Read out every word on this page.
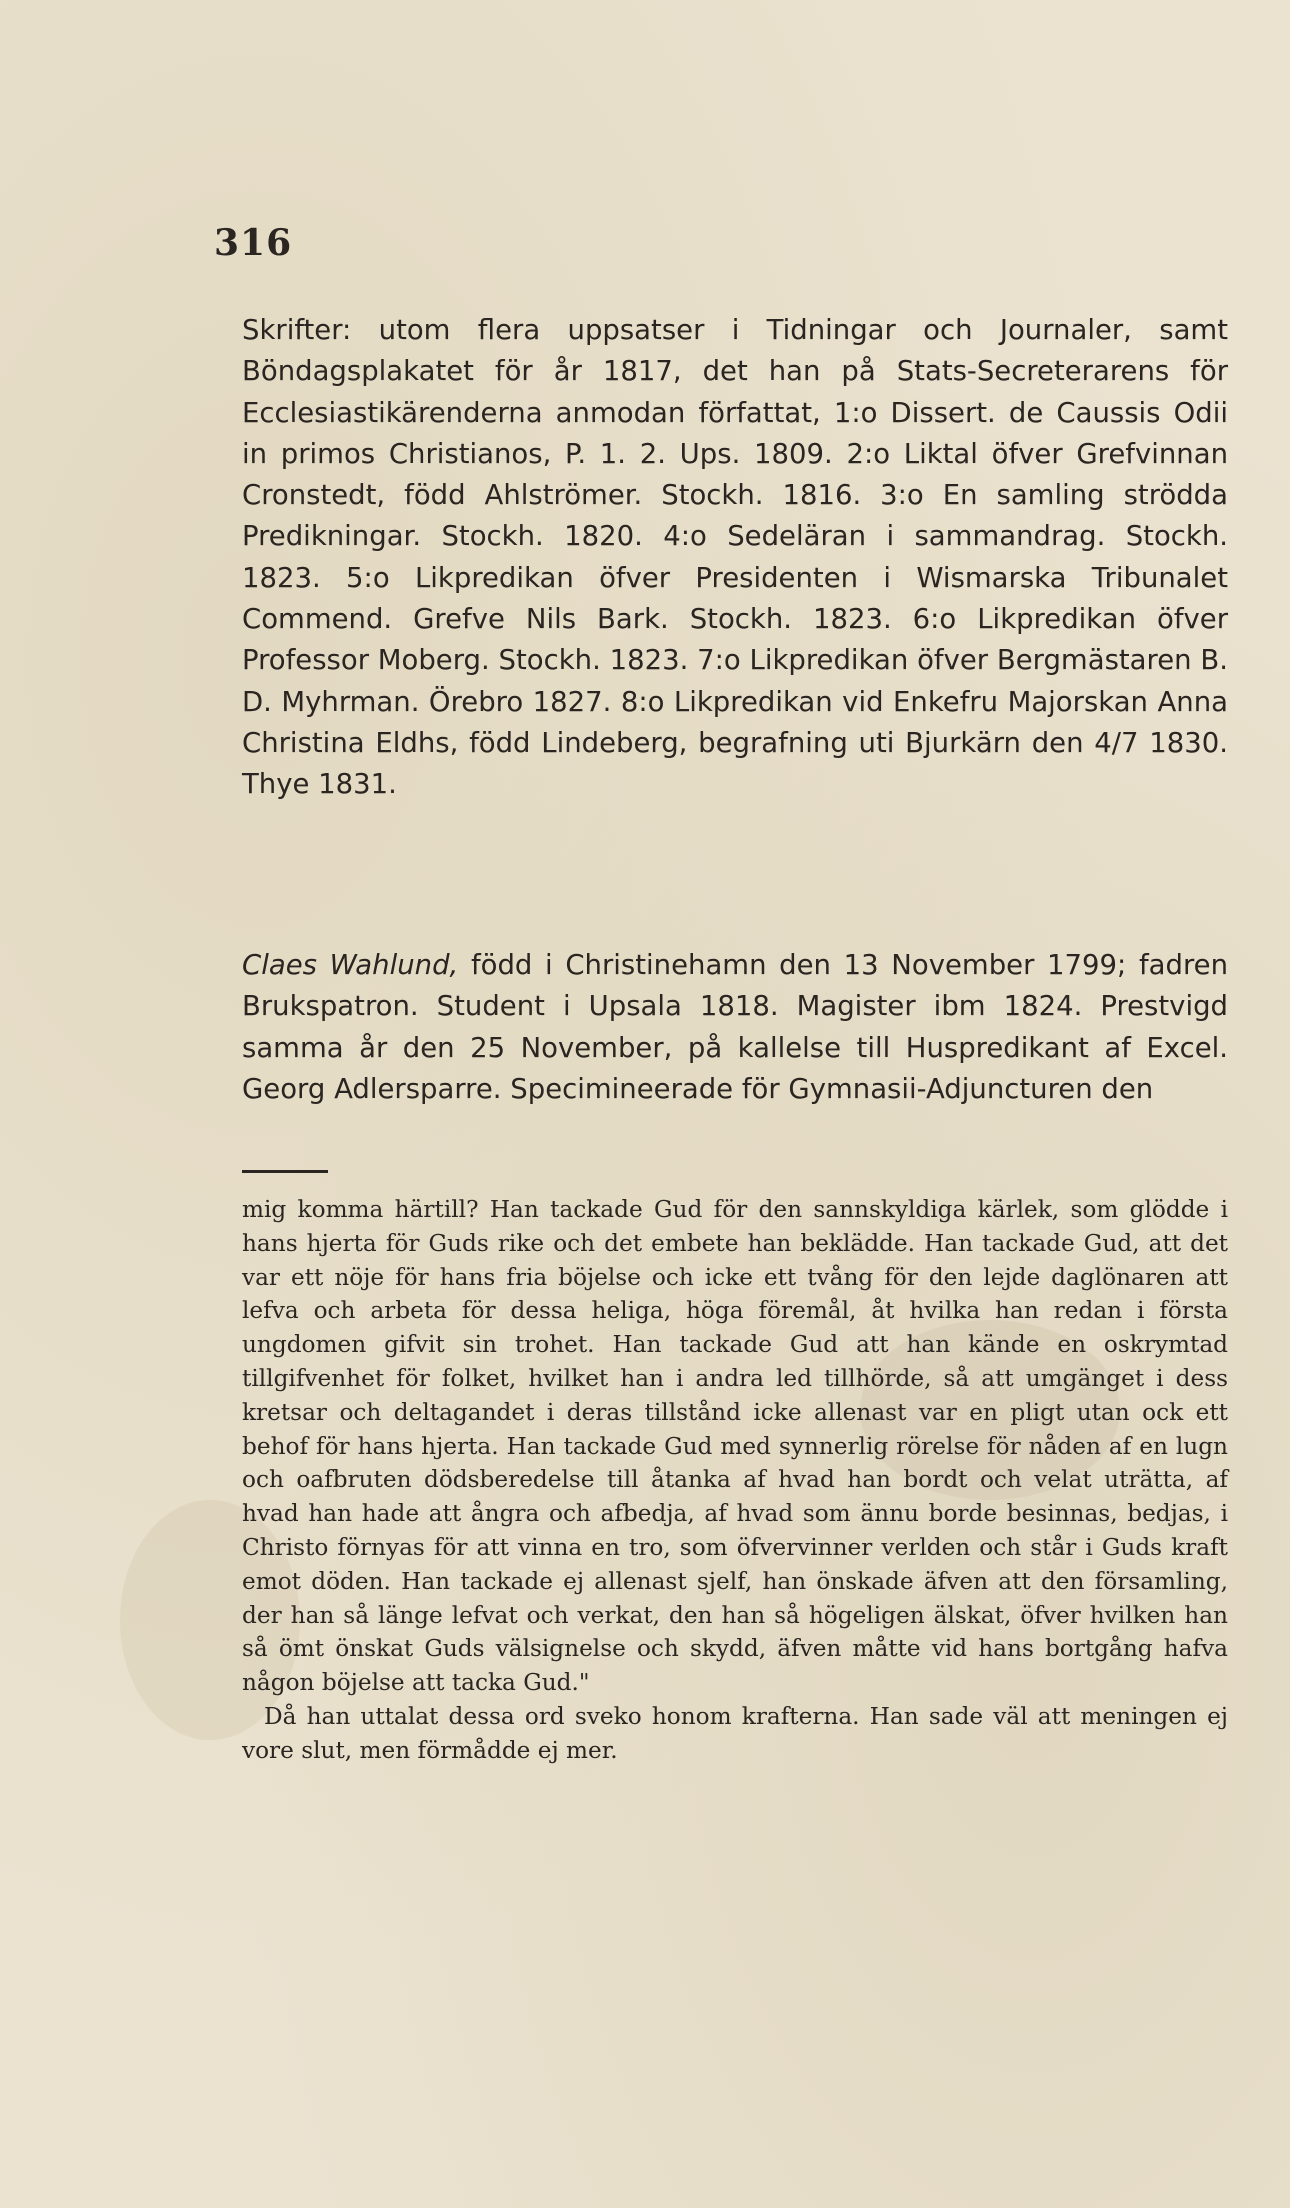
316

Skrifter: utom flera uppsatser i Tidningar och Journaler, samt Böndagsplakatet för år 1817, det han på Stats-Secreterarens för Ecclesiastikärenderna anmodan författat, 1:o Dissert. de Caussis Odii in primos Christianos, P. 1. 2. Ups. 1809. 2:o Liktal öfver Grefvinnan Cronstedt, född Ahlströmer. Stockh. 1816. 3:o En samling strödda Predikningar. Stockh. 1820. 4:o Sedeläran i sammandrag. Stockh. 1823. 5:o Likpredikan öfver Presidenten i Wismarska Tribunalet Commend. Grefve Nils Bark. Stockh. 1823. 6:o Likpredikan öfver Professor Moberg. Stockh. 1823. 7:o Likpredikan öfver Bergmästaren B. D. Myhrman. Örebro 1827. 8:o Likpredikan vid Enkefru Majorskan Anna Christina Eldhs, född Lindeberg, begrafning uti Bjurkärn den 4/7 1830. Thye 1831.

Claes Wahlund, född i Christinehamn den 13 November 1799; fadren Brukspatron. Student i Upsala 1818. Magister ibm 1824. Prestvigd samma år den 25 November, på kallelse till Huspredikant af Excel. Georg Adlersparre. Specimineerade för Gymnasii-Adjuncturen den

mig komma härtill? Han tackade Gud för den sannskyldiga kärlek, som glödde i hans hjerta för Guds rike och det embete han beklädde. Han tackade Gud, att det var ett nöje för hans fria böjelse och icke ett tvång för den lejde daglönaren att lefva och arbeta för dessa heliga, höga föremål, åt hvilka han redan i första ungdomen gifvit sin trohet. Han tackade Gud att han kände en oskrymtad tillgifvenhet för folket, hvilket han i andra led tillhörde, så att umgänget i dess kretsar och deltagandet i deras tillstånd icke allenast var en pligt utan ock ett behof för hans hjerta. Han tackade Gud med synnerlig rörelse för nåden af en lugn och oafbruten dödsberedelse till åtanka af hvad han bordt och velat uträtta, af hvad han hade att ångra och afbedja, af hvad som ännu borde besinnas, bedjas, i Christo förnyas för att vinna en tro, som öfvervinner verlden och står i Guds kraft emot döden. Han tackade ej allenast sjelf, han önskade äfven att den församling, der han så länge lefvat och verkat, den han så högeligen älskat, öfver hvilken han så ömt önskat Guds välsignelse och skydd, äfven måtte vid hans bortgång hafva någon böjelse att tacka Gud."

Då han uttalat dessa ord sveko honom krafterna. Han sade väl att meningen ej vore slut, men förmådde ej mer.
